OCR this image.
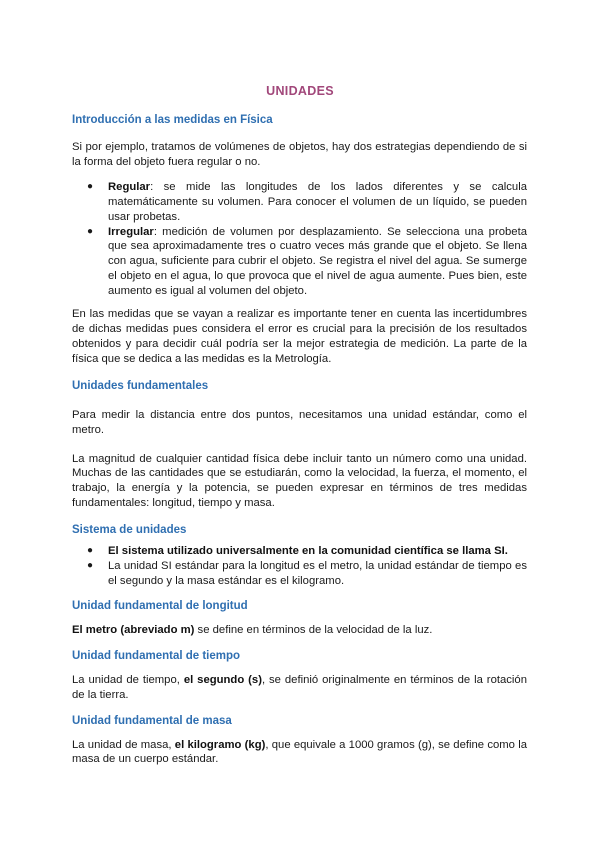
UNIDADES
Introducción a las medidas en Física

Si por ejemplo, tratamos de volúmenes de objetos, hay dos estrategias dependiendo de si la forma del objeto fuera regular o no.

● Regular: se mide las longitudes de los lados diferentes y se calcula matemáticamente su volumen. Para conocer el volumen de un líquido, se pueden usar probetas.
● Irregular: medición de volumen por desplazamiento. Se selecciona una probeta que sea aproximadamente tres o cuatro veces más grande que el objeto. Se llena con agua, suficiente para cubrir el objeto. Se registra el nivel del agua. Se sumerge el objeto en el agua, lo que provoca que el nivel de agua aumente. Pues bien, este aumento es igual al volumen del objeto.

En las medidas que se vayan a realizar es importante tener en cuenta las incertidumbres de dichas medidas pues considera el error es crucial para la precisión de los resultados obtenidos y para decidir cuál podría ser la mejor estrategia de medición. La parte de la física que se dedica a las medidas es la Metrología.

Unidades fundamentales

Para medir la distancia entre dos puntos, necesitamos una unidad estándar, como el metro.

La magnitud de cualquier cantidad física debe incluir tanto un número como una unidad. Muchas de las cantidades que se estudiarán, como la velocidad, la fuerza, el momento, el trabajo, la energía y la potencia, se pueden expresar en términos de tres medidas fundamentales: longitud, tiempo y masa.

Sistema de unidades
● El sistema utilizado universalmente en la comunidad científica se llama SI.
● La unidad SI estándar para la longitud es el metro, la unidad estándar de tiempo es el segundo y la masa estándar es el kilogramo.
Unidad fundamental de longitud

El metro (abreviado m) se define en términos de la velocidad de la luz.

Unidad fundamental de tiempo

La unidad de tiempo, el segundo (s), se definió originalmente en términos de la rotación de la tierra.

Unidad fundamental de masa

La unidad de masa, el kilogramo (kg), que equivale a 1000 gramos (g), se define como la masa de un cuerpo estándar.
